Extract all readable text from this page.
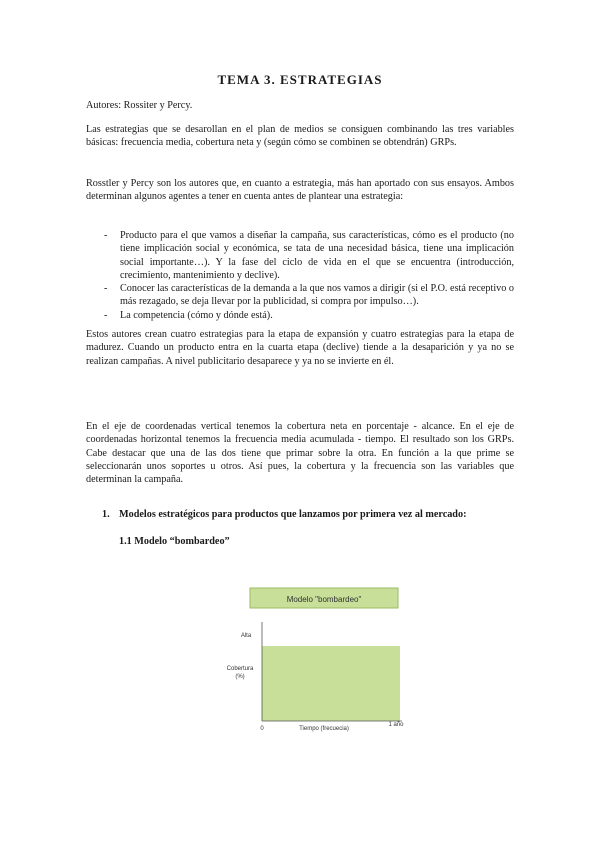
TEMA 3. ESTRATEGIAS

Autores: Rossiter y Percy.

Las estrategias que se desarollan en el plan de medios se consiguen combinando las tres variables básicas: frecuencia media, cobertura neta y (según cómo se combinen se obtendrán) GRPs.

Rosstler y Percy son los autores que, en cuanto a estrategia, más han aportado con sus ensayos. Ambos determinan algunos agentes a tener en cuenta antes de plantear una estrategia:

- Producto para el que vamos a diseñar la campaña, sus características, cómo es el producto (no tiene implicación social y económica, se tata de una necesidad básica, tiene una implicación social importante…). Y la fase del ciclo de vida en el que se encuentra (introducción, crecimiento, mantenimiento y declive).
- Conocer las características de la demanda a la que nos vamos a dirigir (si el P.O. está receptivo o más rezagado, se deja llevar por la publicidad, si compra por impulso…).
- La competencia (cómo y dónde está).

Estos autores crean cuatro estrategias para la etapa de expansión y cuatro estrategias para la etapa de madurez. Cuando un producto entra en la cuarta etapa (declive) tiende a la desaparición y ya no se realizan campañas. A nivel publicitario desaparece y ya no se invierte en él.

En el eje de coordenadas vertical tenemos la cobertura neta en porcentaje - alcance. En el eje de coordenadas horizontal tenemos la frecuencia media acumulada - tiempo. El resultado son los GRPs. Cabe destacar que una de las dos tiene que primar sobre la otra. En función a la que prime se seleccionarán unos soportes u otros. Así pues, la cobertura y la frecuencia son las variables que determinan la campaña.

1. Modelos estratégicos para productos que lanzamos por primera vez al mercado:
1.1 Modelo “bombardeo”
Modelo "bombardeo"
Alta
Cobertura
(%)
0
1 año
Tiempo (frecuecia)
